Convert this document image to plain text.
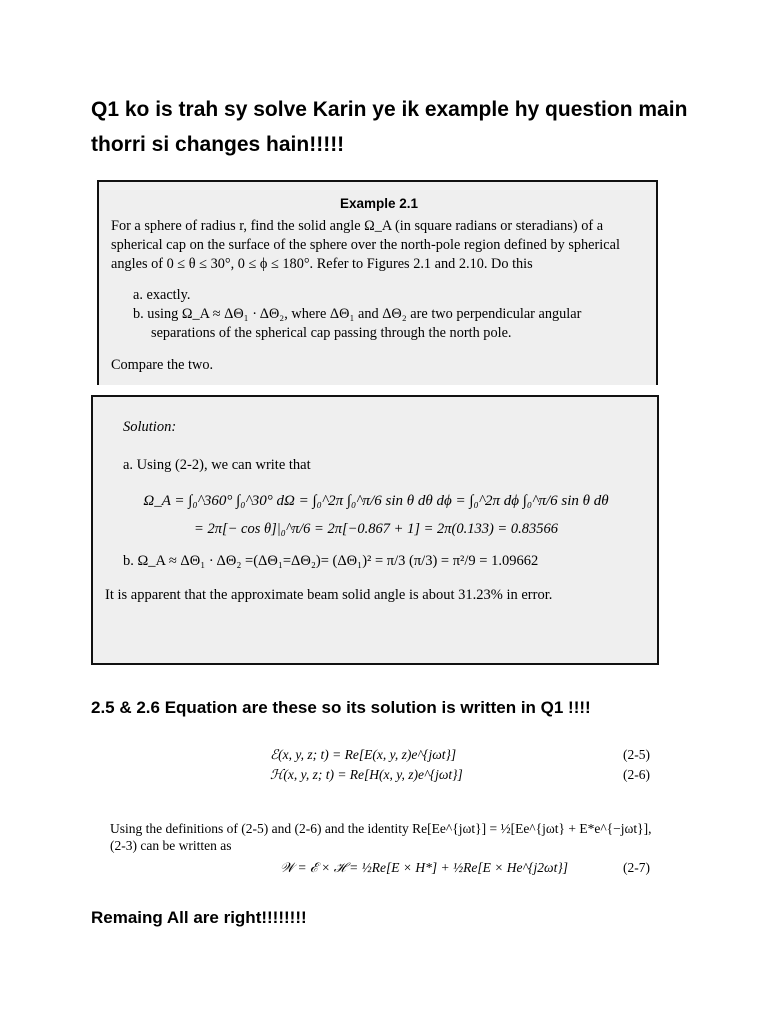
Q1 ko is trah sy solve Karin ye ik example hy question main thorri si changes hain!!!!!

Example 2.1

For a sphere of radius r, find the solid angle Ω_A (in square radians or steradians) of a spherical cap on the surface of the sphere over the north-pole region defined by spherical angles of 0 ≤ θ ≤ 30°, 0 ≤ ϕ ≤ 180°. Refer to Figures 2.1 and 2.10. Do this

a. exactly.

b. using Ω_A ≈ ΔΘ₁ · ΔΘ₂, where ΔΘ₁ and ΔΘ₂ are two perpendicular angular separations of the spherical cap passing through the north pole.

Compare the two.

Solution:

a. Using (2-2), we can write that

Ω_A = ∫₀^360° ∫₀^30° dΩ = ∫₀^2π ∫₀^π/6 sin θ dθ dϕ = ∫₀^2π dϕ ∫₀^π/6 sin θ dθ
= 2π[− cos θ]|₀^π/6 = 2π[−0.867 + 1] = 2π(0.133) = 0.83566
b. Ω_A ≈ ΔΘ₁ · ΔΘ₂ =(ΔΘ₁=ΔΘ₂)= (ΔΘ₁)² = π/3 (π/3) = π²/9 = 1.09662

It is apparent that the approximate beam solid angle is about 31.23% in error.

2.5 & 2.6 Equation are these so its solution is written in Q1 !!!!

ℰ(x, y, z; t) = Re[E(x, y, z)e^{jωt}]	(2-5)
ℋ(x, y, z; t) = Re[H(x, y, z)e^{jωt}]	(2-6)

Using the definitions of (2-5) and (2-6) and the identity Re[Ee^{jωt}] = ½[Ee^{jωt} + E*e^{−jωt}], (2-3) can be written as

𝒲 = ℰ × ℋ = ½Re[E × H*] + ½Re[E × He^{j2ωt}]	(2-7)

Remaing All are right!!!!!!!!
